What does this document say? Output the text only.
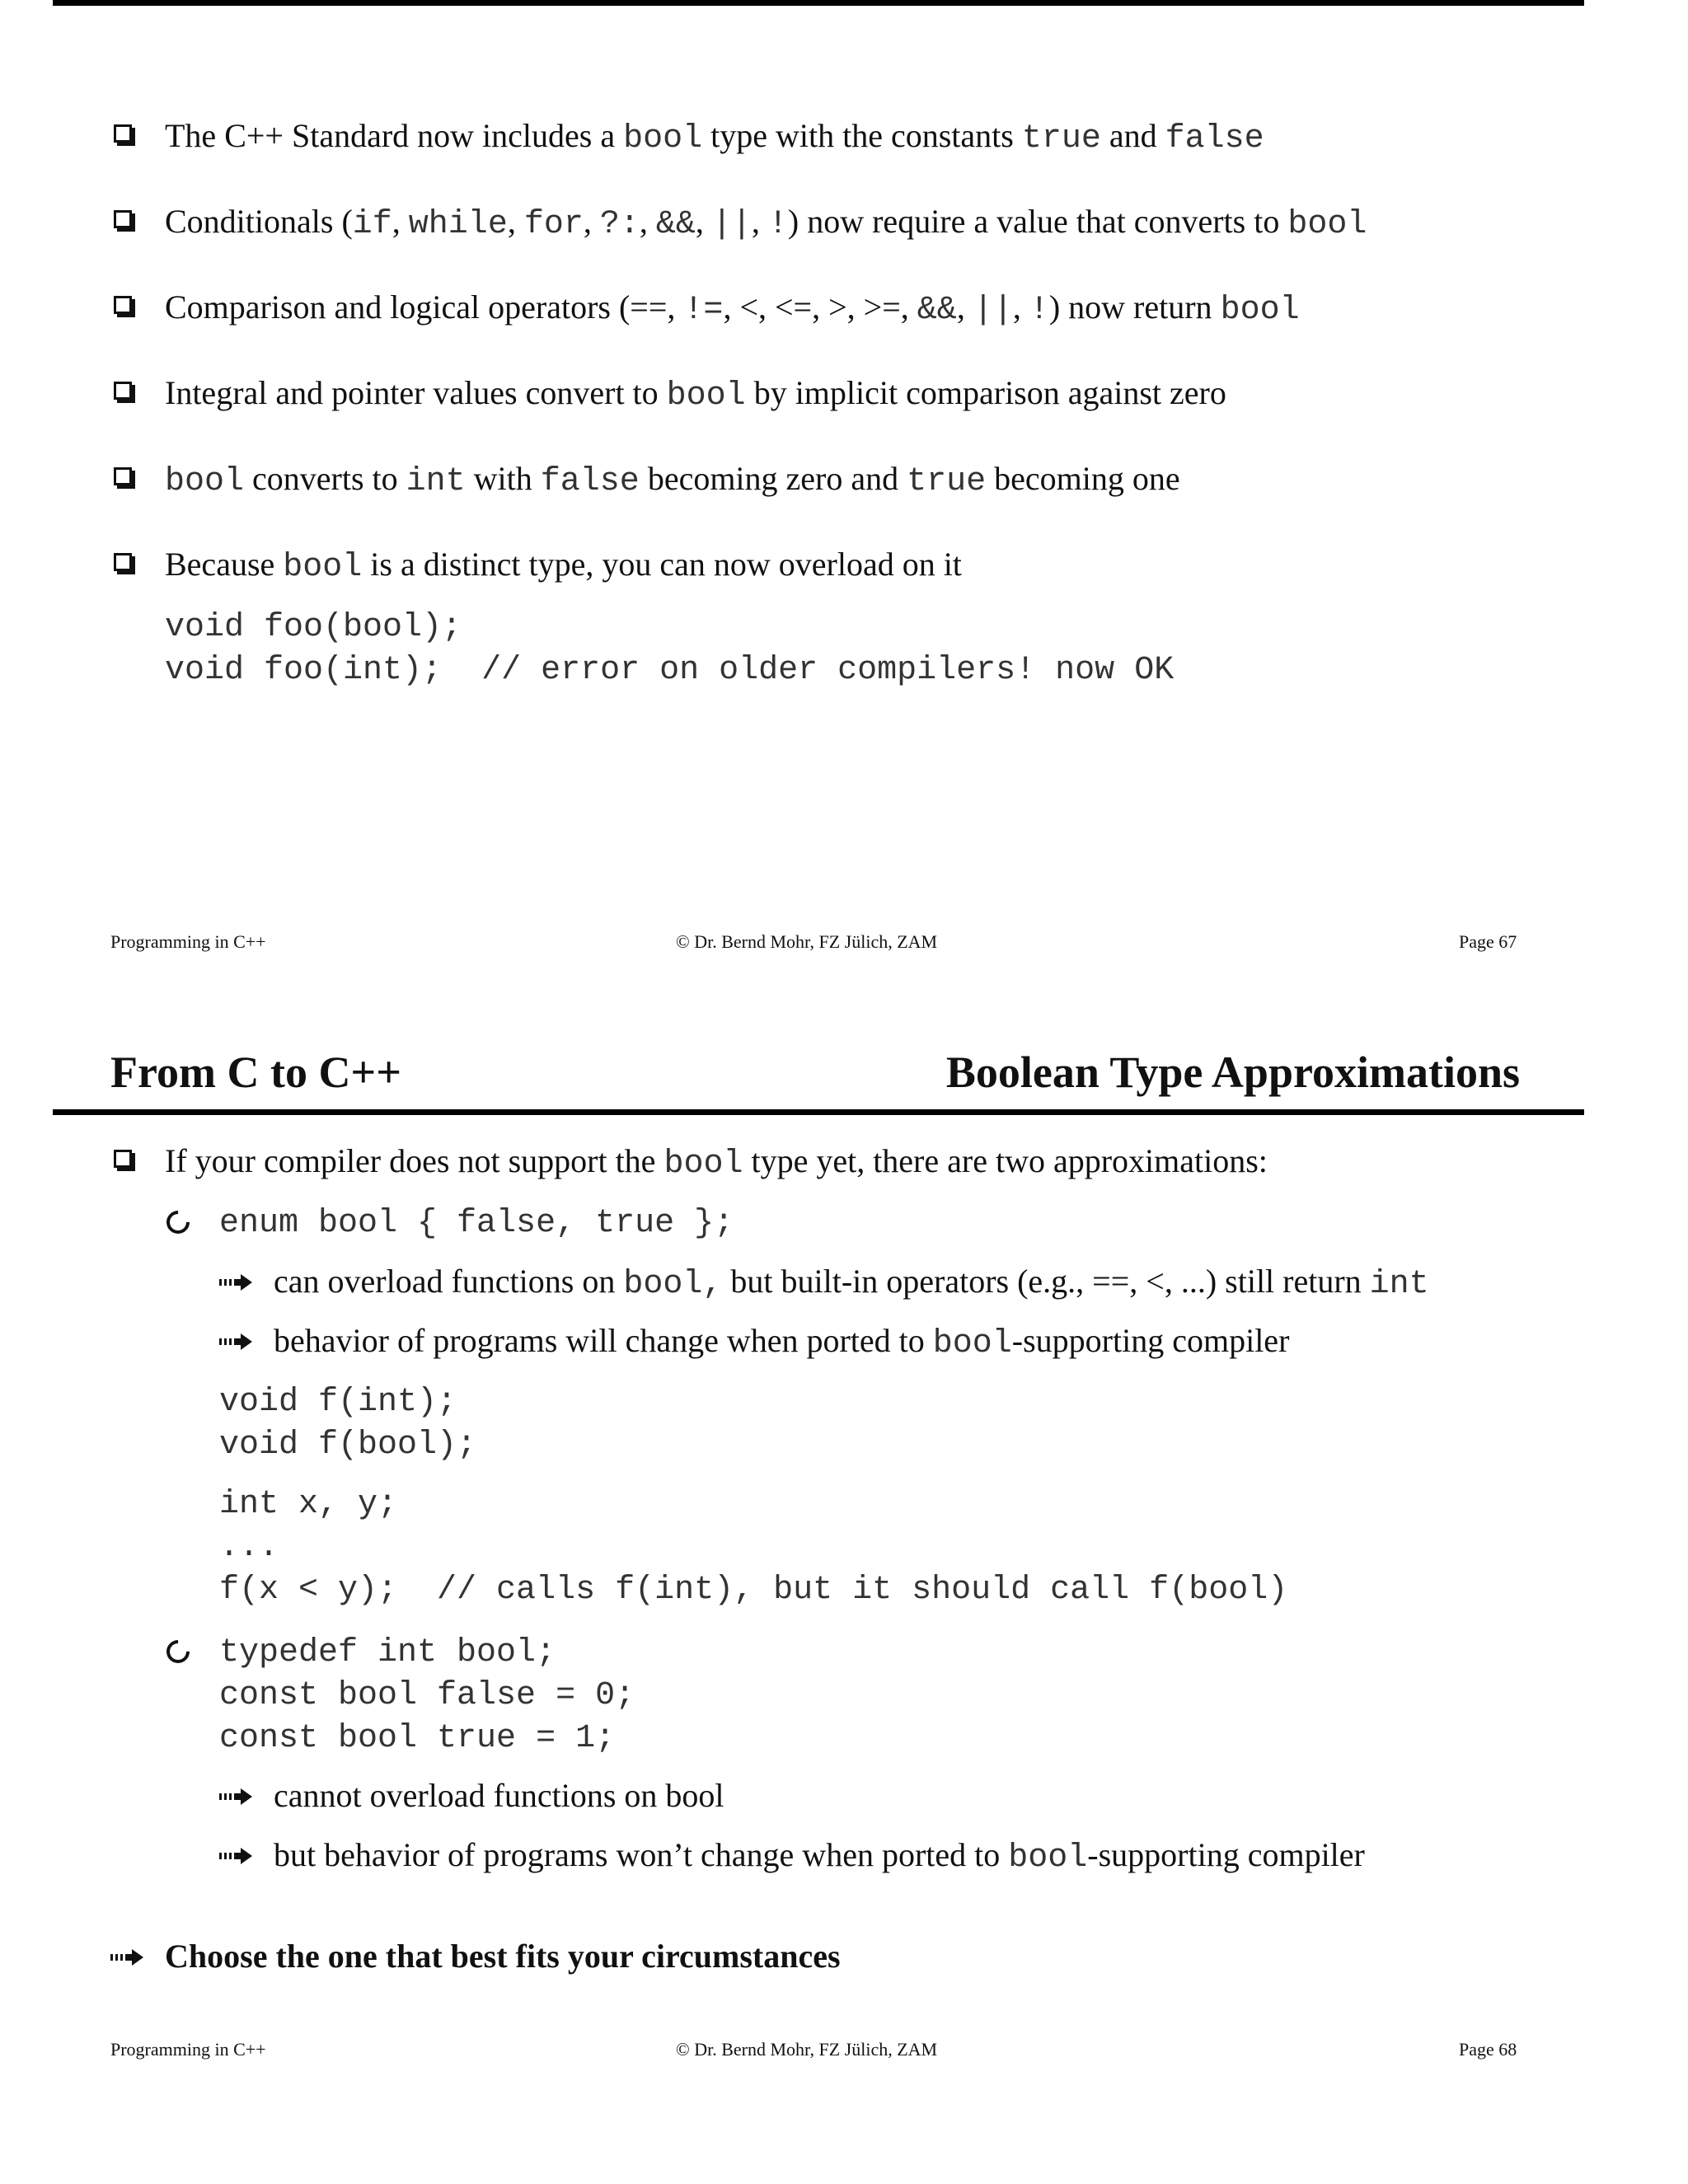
The C++ Standard now includes a bool type with the constants true and false
Conditionals (if, while, for, ?:, &&, ||, !) now require a value that converts to bool
Comparison and logical operators (==, !=, <, <=, >, >=, &&, ||, !) now return bool
Integral and pointer values convert to bool by implicit comparison against zero
bool converts to int with false becoming zero and true becoming one
Because bool is a distinct type, you can now overload on it
void foo(bool);
void foo(int);  // error on older compilers! now OK
Programming in C++	© Dr. Bernd Mohr, FZ Jülich, ZAM	Page 67
From C to C++	Boolean Type Approximations
If your compiler does not support the bool type yet, there are two approximations:
enum bool { false, true };
can overload functions on bool, but built-in operators (e.g., ==, <, ...) still return int
behavior of programs will change when ported to bool-supporting compiler
void f(int);
void f(bool);
int x, y;
...
f(x < y);  // calls f(int), but it should call f(bool)
typedef int bool;
const bool false = 0;
const bool true = 1;
cannot overload functions on bool
but behavior of programs won’t change when ported to bool-supporting compiler
Choose the one that best fits your circumstances
Programming in C++	© Dr. Bernd Mohr, FZ Jülich, ZAM	Page 68
